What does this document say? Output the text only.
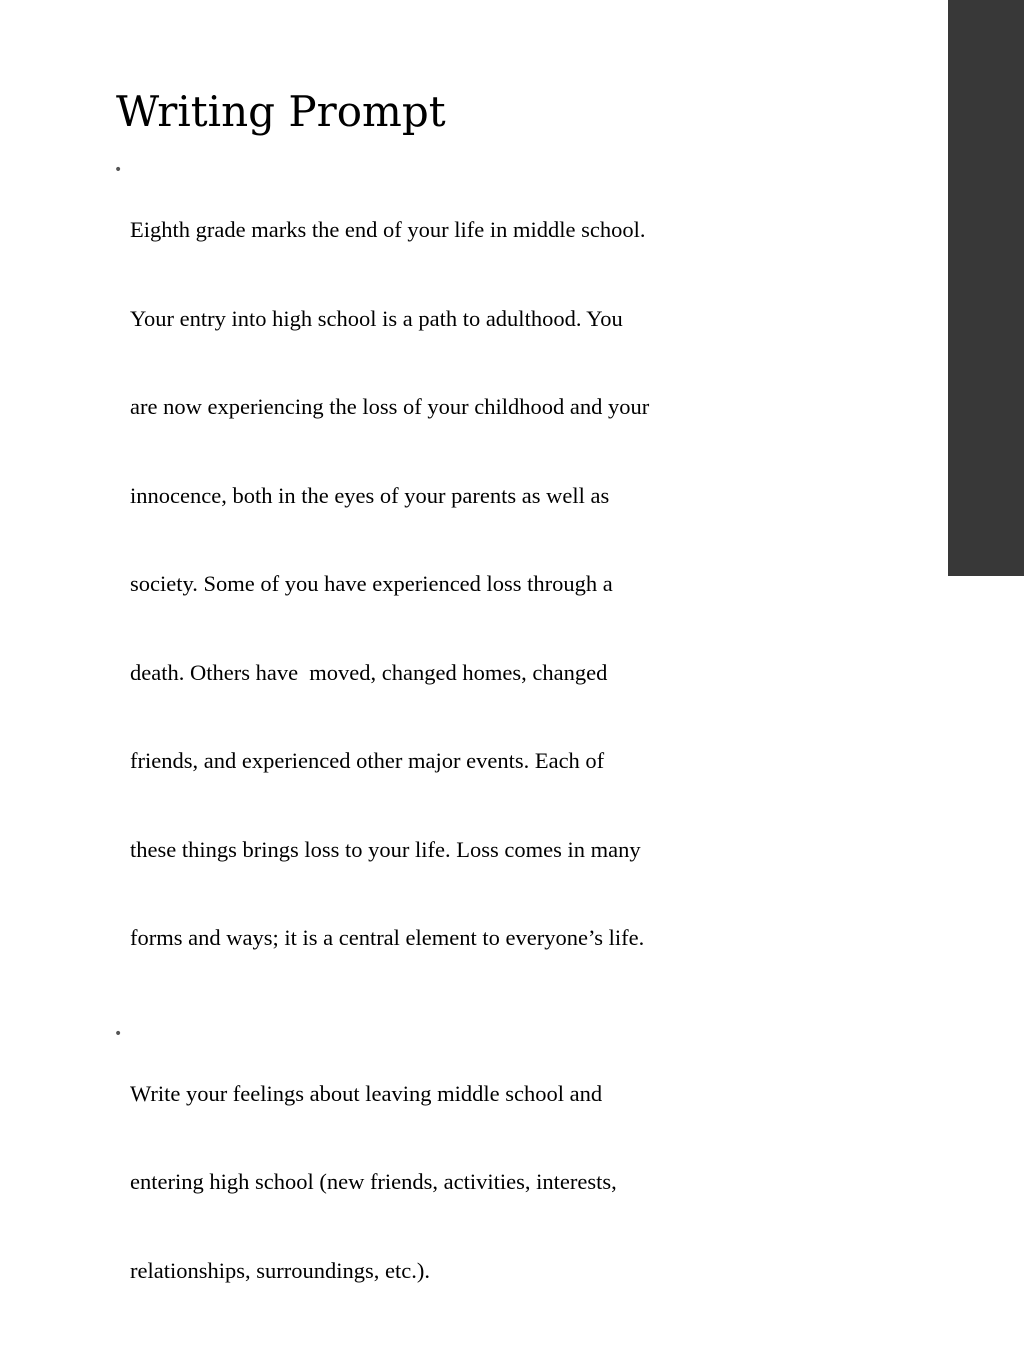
Writing Prompt
•

Eighth grade marks the end of your life in middle school.

Your entry into high school is a path to adulthood. You

are now experiencing the loss of your childhood and your

innocence, both in the eyes of your parents as well as

society. Some of you have experienced loss through a

death. Others have  moved, changed homes, changed

friends, and experienced other major events. Each of

these things brings loss to your life. Loss comes in many

forms and ways; it is a central element to everyone’s life.

•

Write your feelings about leaving middle school and

entering high school (new friends, activities, interests,

relationships, surroundings, etc.).
